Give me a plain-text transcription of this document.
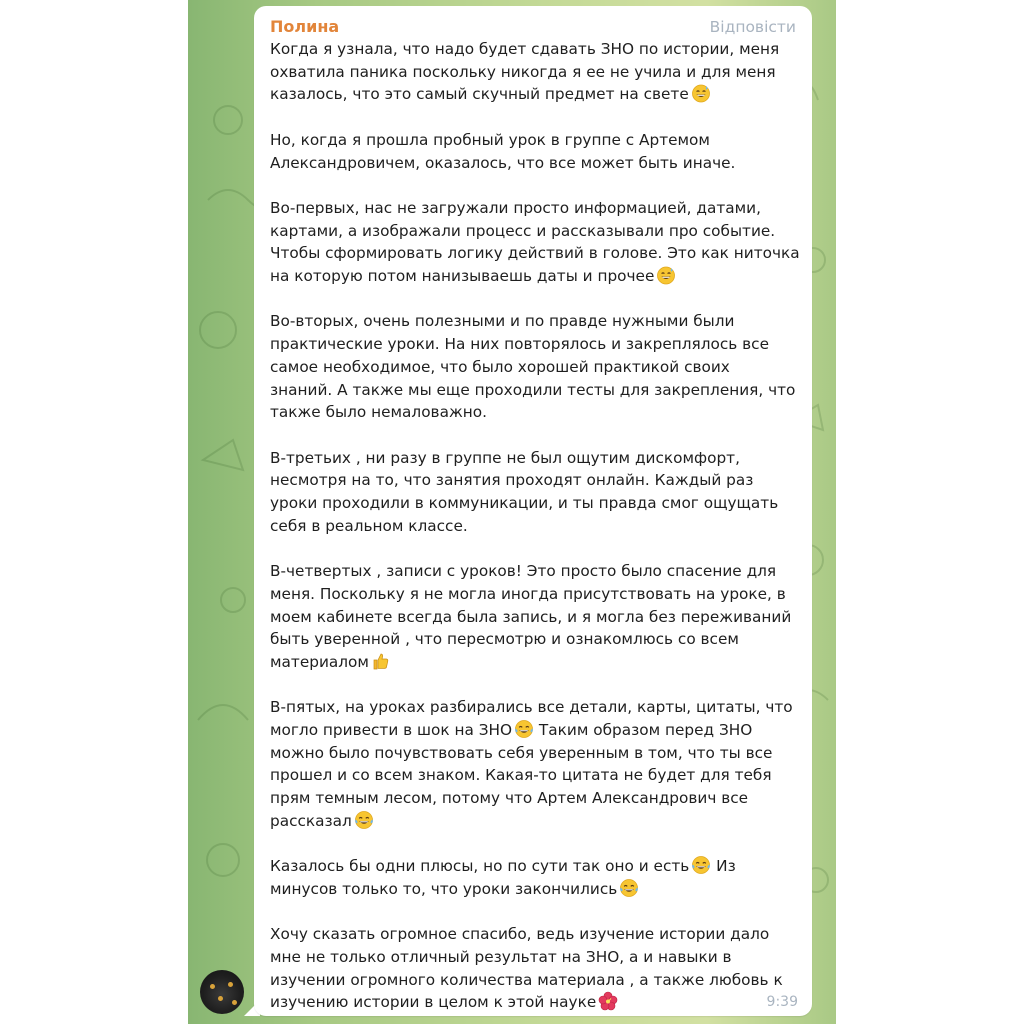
Полина	Відповісти
Когда я узнала, что надо будет сдавать ЗНО по истории, меня
охватила паника поскольку никогда я ее не учила и для меня
казалось, что это самый скучный предмет на свете
Но, когда я прошла пробный урок в группе с Артемом
Александровичем, оказалось, что все может быть иначе.
Во-первых, нас не загружали просто информацией, датами,
картами, а изображали процесс и рассказывали про событие.
Чтобы сформировать логику действий в голове. Это как ниточка
на которую потом нанизываешь даты и прочее
Во-вторых, очень полезными и по правде нужными были
практические уроки. На них повторялось и закреплялось все
самое необходимое, что было хорошей практикой своих
знаний. А также мы еще проходили тесты для закрепления, что
также было немаловажно.
В-третьих , ни разу в группе не был ощутим дискомфорт,
несмотря на то, что занятия проходят онлайн. Каждый раз
уроки проходили в коммуникации, и ты правда смог ощущать
себя в реальном классе.
В-четвертых , записи с уроков! Это просто было спасение для
меня. Поскольку я не могла иногда присутствовать на уроке, в
моем кабинете всегда была запись, и я могла без переживаний
быть уверенной , что пересмотрю и ознакомлюсь со всем
материалом
В-пятых, на уроках разбирались все детали, карты, цитаты, что
могло привести в шок на ЗНО Таким образом перед ЗНО
можно было почувствовать себя уверенным в том, что ты все
прошел и со всем знаком. Какая-то цитата не будет для тебя
прям темным лесом, потому что Артем Александрович все
рассказал
Казалось бы одни плюсы, но по сути так оно и есть Из
минусов только то, что уроки закончились
Хочу сказать огромное спасибо, ведь изучение истории дало
мне не только отличный результат на ЗНО, а и навыки в
изучении огромного количества материала , а также любовь к
изучению истории в целом к этой науке	9:39
